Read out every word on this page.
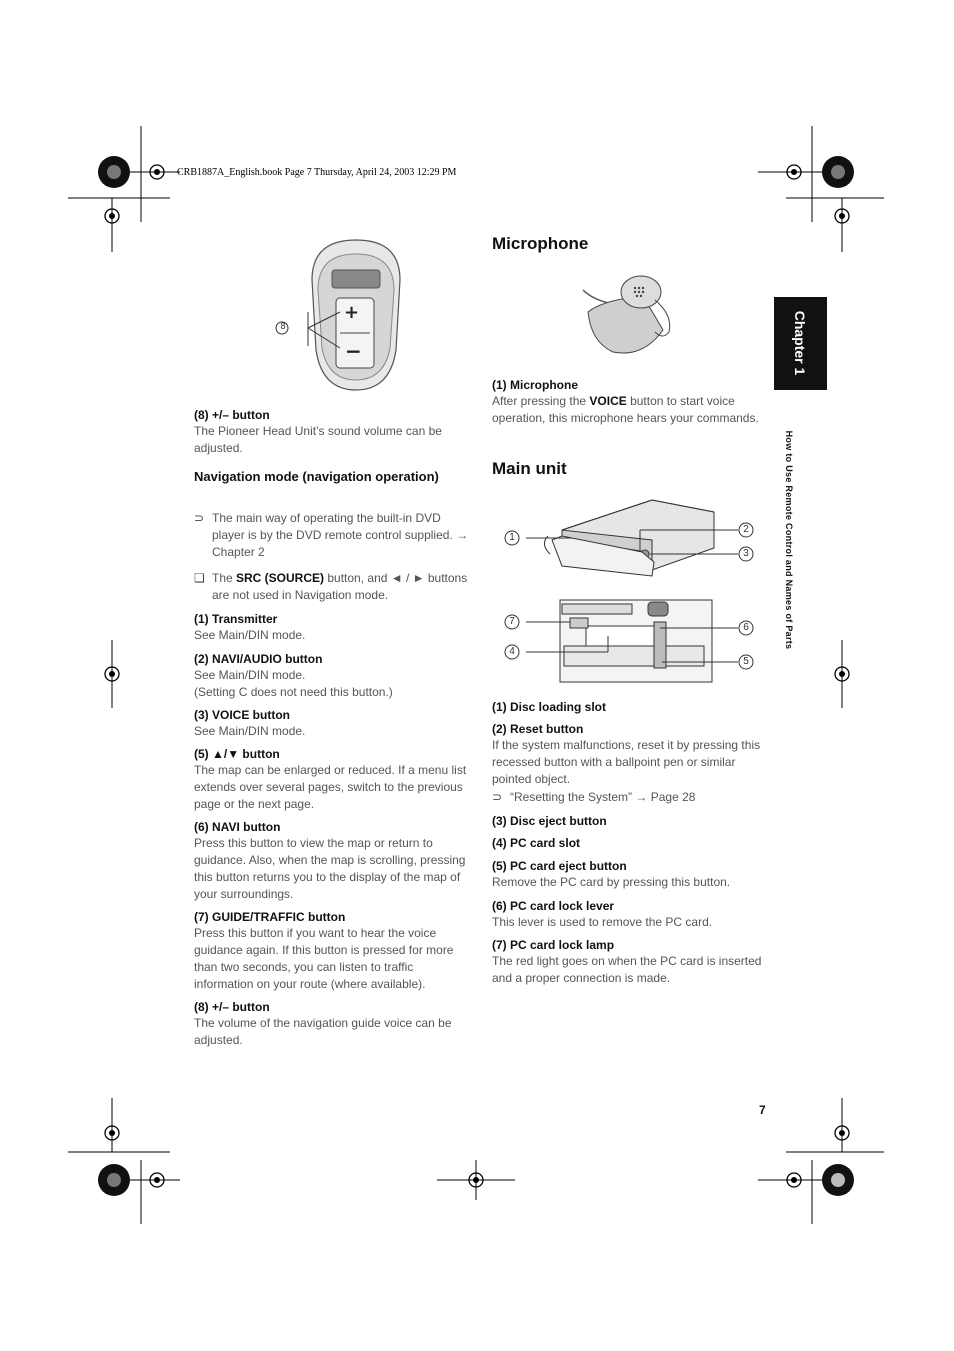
CRB1887A_English.book Page 7 Thursday, April 24, 2003 12:29 PM
Chapter 1
How to Use Remote Control and Names of Parts
+
−
8
(8) +/– button
The Pioneer Head Unit’s sound volume can be adjusted.
Navigation mode (navigation operation)
⊃ The main way of operating the built-in DVD player is by the DVD remote control supplied. → Chapter 2
❏ The SRC (SOURCE) button, and ◄ / ► buttons are not used in Navigation mode.
(1) Transmitter
See Main/DIN mode.
(2) NAVI/AUDIO button
See Main/DIN mode.
(Setting C does not need this button.)
(3) VOICE button
See Main/DIN mode.
(5) ▲/▼ button
The map can be enlarged or reduced. If a menu list extends over several pages, switch to the previous page or the next page.
(6) NAVI button
Press this button to view the map or return to guidance. Also, when the map is scrolling, pressing this button returns you to the display of the map of your surroundings.
(7) GUIDE/TRAFFIC button
Press this button if you want to hear the voice guidance again. If this button is pressed for more than two seconds, you can listen to traffic information on your route (where available).
(8) +/– button
The volume of the navigation guide voice can be adjusted.
Microphone
(1) Microphone
After pressing the VOICE button to start voice operation, this microphone hears your commands.
Main unit
1
2
3
4
5
6
7
(1) Disc loading slot
(2) Reset button
If the system malfunctions, reset it by pressing this recessed button with a ballpoint pen or similar pointed object.
⊃ “Resetting the System” → Page 28
(3) Disc eject button
(4) PC card slot
(5) PC card eject button
Remove the PC card by pressing this button.
(6) PC card lock lever
This lever is used to remove the PC card.
(7) PC card lock lamp
The red light goes on when the PC card is inserted and a proper connection is made.
7
